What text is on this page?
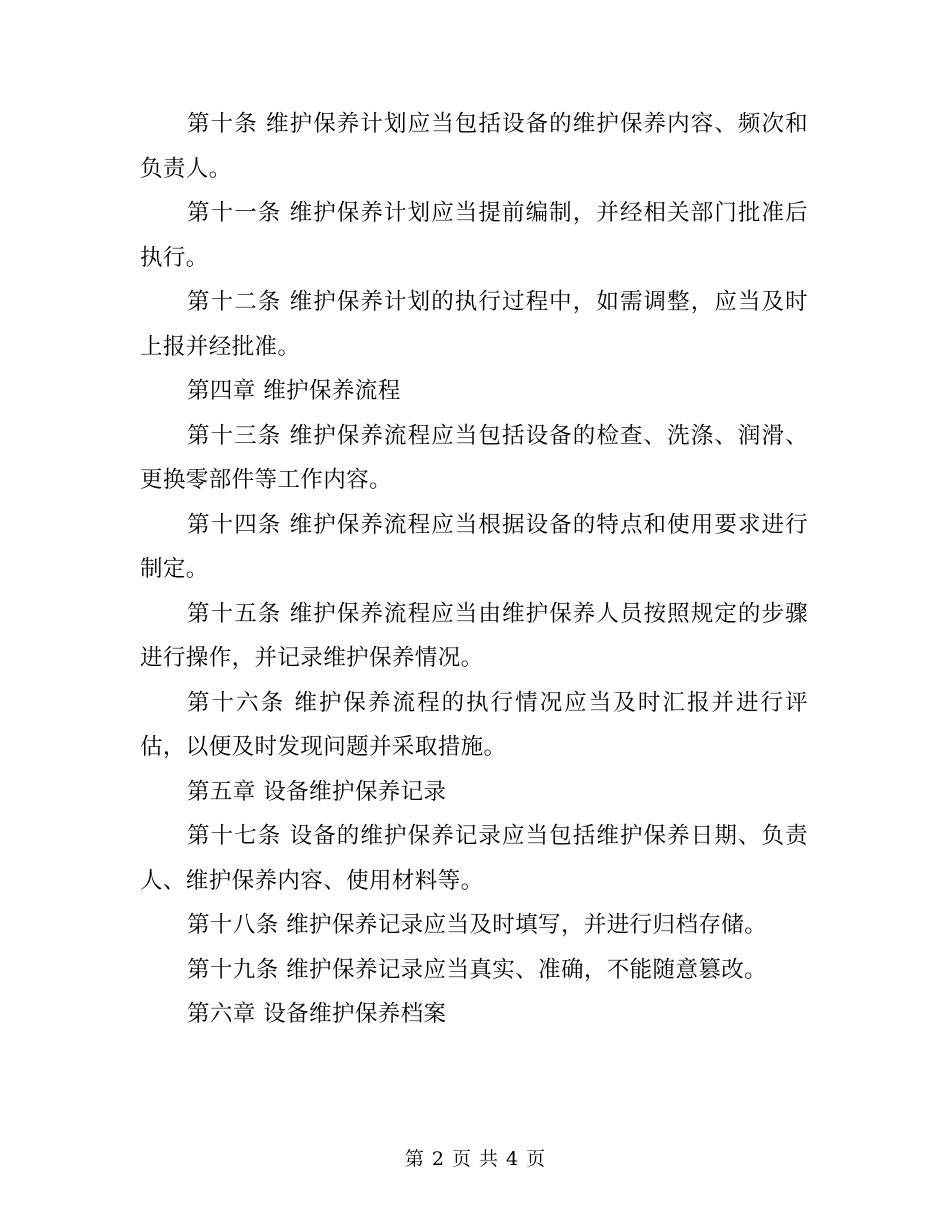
第十条 维护保养计划应当包括设备的维护保养内容、频次和负责人。

第十一条 维护保养计划应当提前编制，并经相关部门批准后执行。

第十二条 维护保养计划的执行过程中，如需调整，应当及时上报并经批准。

第四章 维护保养流程

第十三条 维护保养流程应当包括设备的检查、洗涤、润滑、更换零部件等工作内容。

第十四条 维护保养流程应当根据设备的特点和使用要求进行制定。

第十五条 维护保养流程应当由维护保养人员按照规定的步骤进行操作，并记录维护保养情况。

第十六条 维护保养流程的执行情况应当及时汇报并进行评估，以便及时发现问题并采取措施。

第五章 设备维护保养记录

第十七条 设备的维护保养记录应当包括维护保养日期、负责人、维护保养内容、使用材料等。

第十八条 维护保养记录应当及时填写，并进行归档存储。

第十九条 维护保养记录应当真实、准确，不能随意篡改。

第六章 设备维护保养档案

第 2 页 共 4 页
